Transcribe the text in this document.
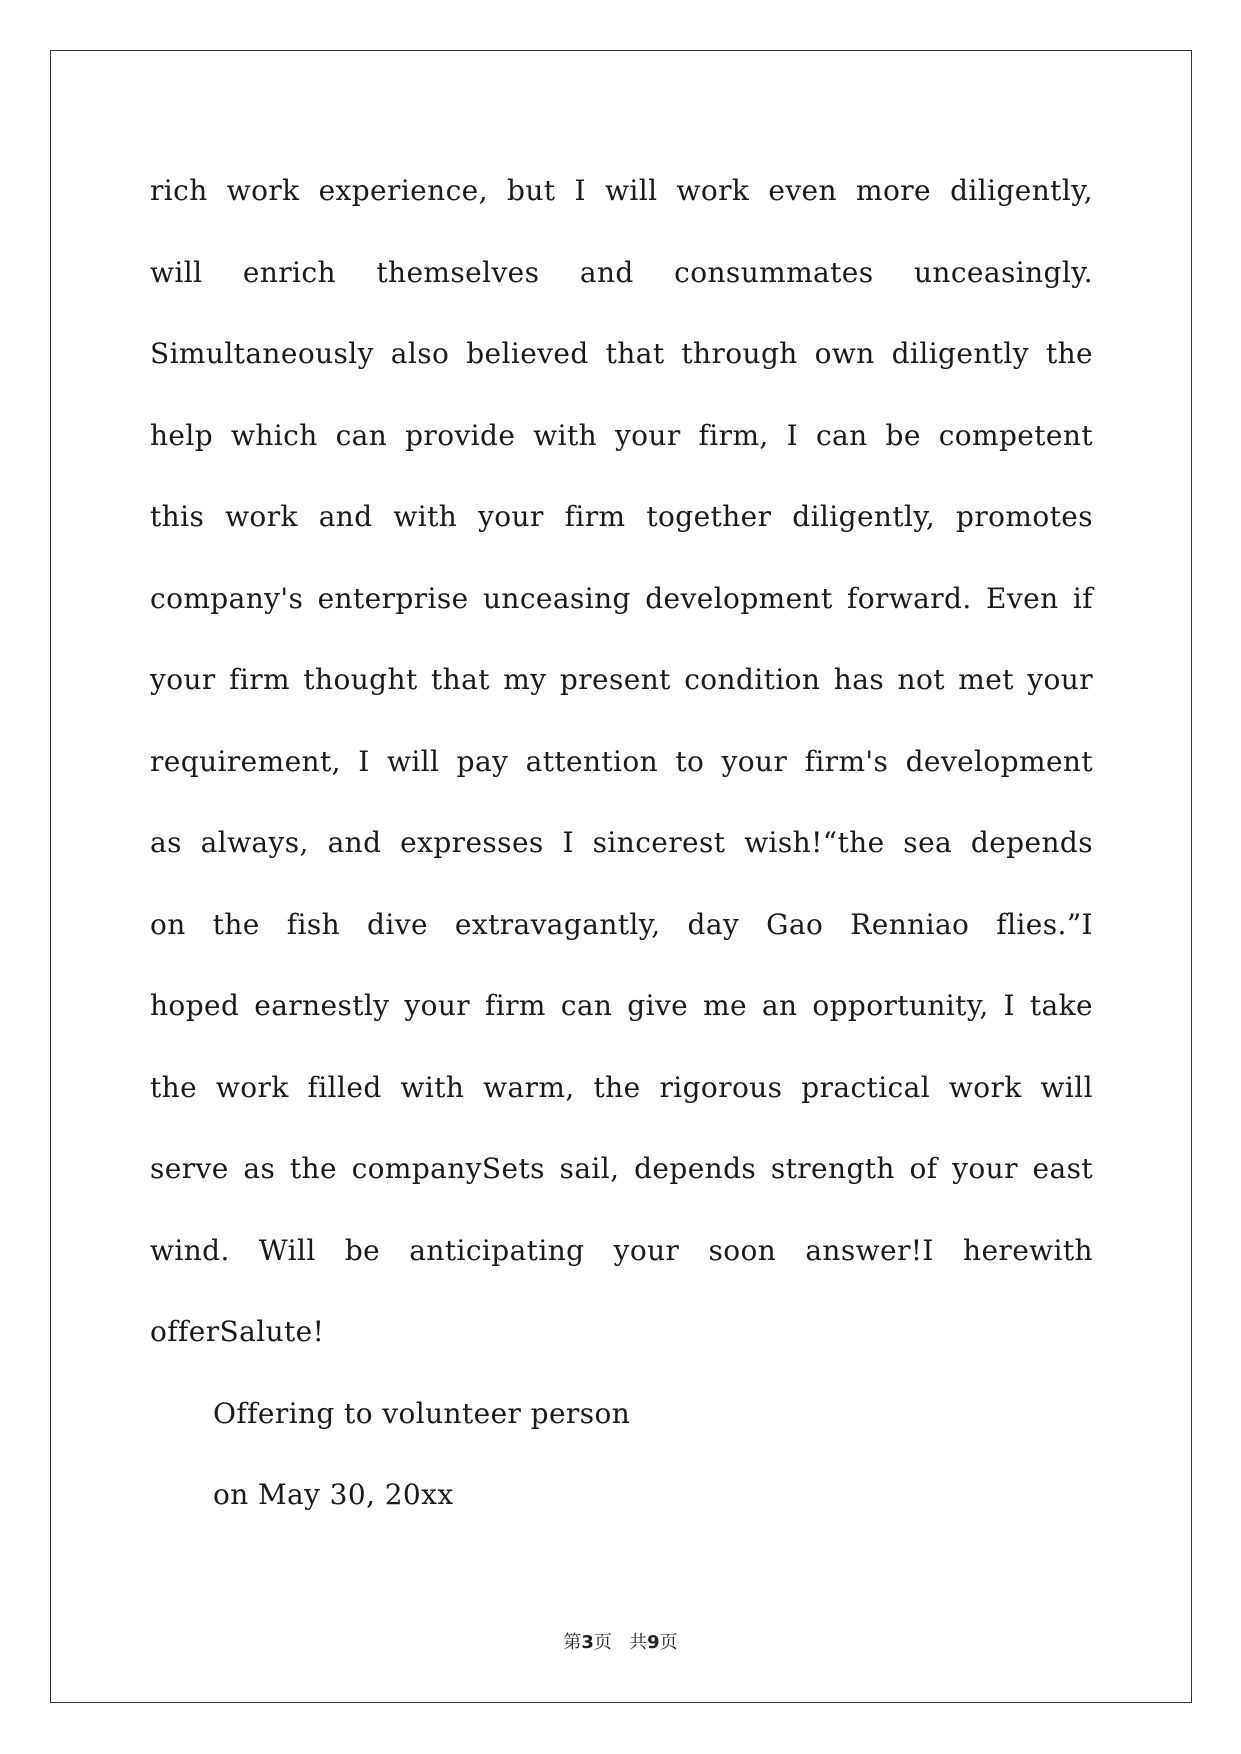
rich work experience, but I will work even more diligently,
will enrich themselves and consummates unceasingly.
Simultaneously also believed that through own diligently the
help which can provide with your firm, I can be competent
this work and with your firm together diligently, promotes
company's enterprise unceasing development forward. Even if
your firm thought that my present condition has not met your
requirement, I will pay attention to your firm's development
as always, and expresses I sincerest wish!“the sea depends
on the fish dive extravagantly, day Gao Renniao flies.”I
hoped earnestly your firm can give me an opportunity, I take
the work filled with warm, the rigorous practical work will
serve as the companySets sail, depends strength of your east
wind. Will be anticipating your soon answer!I herewith
offerSalute!
Offering to volunteer person
on May 30, 20xx
第3页   共9页
